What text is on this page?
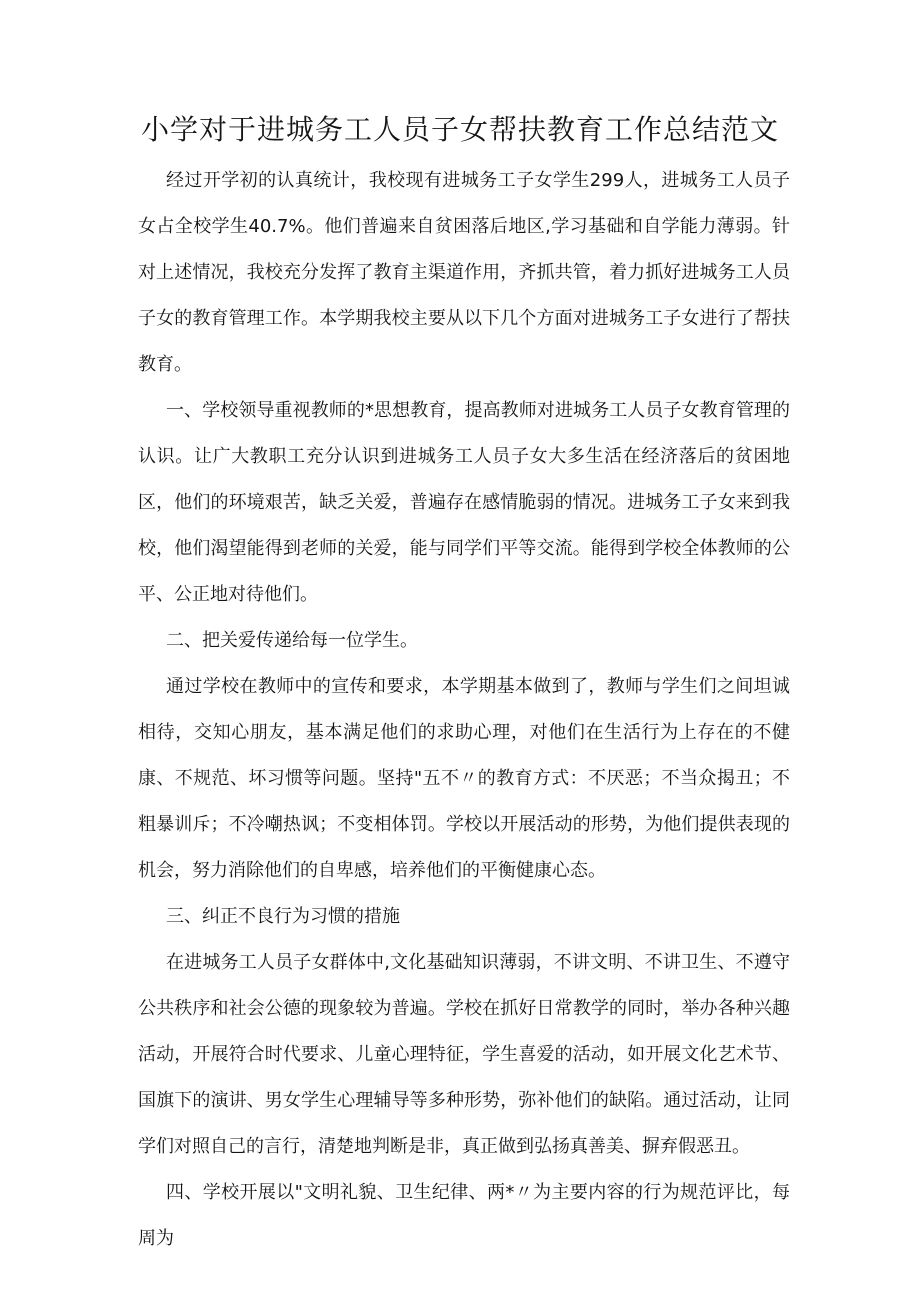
小学对于进城务工人员子女帮扶教育工作总结范文

经过开学初的认真统计，我校现有进城务工子女学生299人，进城务工人员子女占全校学生40.7%。他们普遍来自贫困落后地区,学习基础和自学能力薄弱。针对上述情况，我校充分发挥了教育主渠道作用，齐抓共管，着力抓好进城务工人员子女的教育管理工作。本学期我校主要从以下几个方面对进城务工子女进行了帮扶教育。

一、学校领导重视教师的*思想教育，提高教师对进城务工人员子女教育管理的认识。让广大教职工充分认识到进城务工人员子女大多生活在经济落后的贫困地区，他们的环境艰苦，缺乏关爱，普遍存在感情脆弱的情况。进城务工子女来到我校，他们渴望能得到老师的关爱，能与同学们平等交流。能得到学校全体教师的公平、公正地对待他们。

二、把关爱传递给每一位学生。

通过学校在教师中的宣传和要求，本学期基本做到了，教师与学生们之间坦诚相待，交知心朋友，基本满足他们的求助心理，对他们在生活行为上存在的不健康、不规范、坏习惯等问题。坚持"五不〃的教育方式：不厌恶；不当众揭丑；不粗暴训斥；不冷嘲热讽；不变相体罚。学校以开展活动的形势，为他们提供表现的机会，努力消除他们的自卑感，培养他们的平衡健康心态。

三、纠正不良行为习惯的措施

在进城务工人员子女群体中,文化基础知识薄弱，不讲文明、不讲卫生、不遵守公共秩序和社会公德的现象较为普遍。学校在抓好日常教学的同时，举办各种兴趣活动，开展符合时代要求、儿童心理特征，学生喜爱的活动，如开展文化艺术节、国旗下的演讲、男女学生心理辅导等多种形势，弥补他们的缺陷。通过活动，让同学们对照自己的言行，清楚地判断是非，真正做到弘扬真善美、摒弃假恶丑。

四、学校开展以"文明礼貌、卫生纪律、两*〃为主要内容的行为规范评比，每周为
